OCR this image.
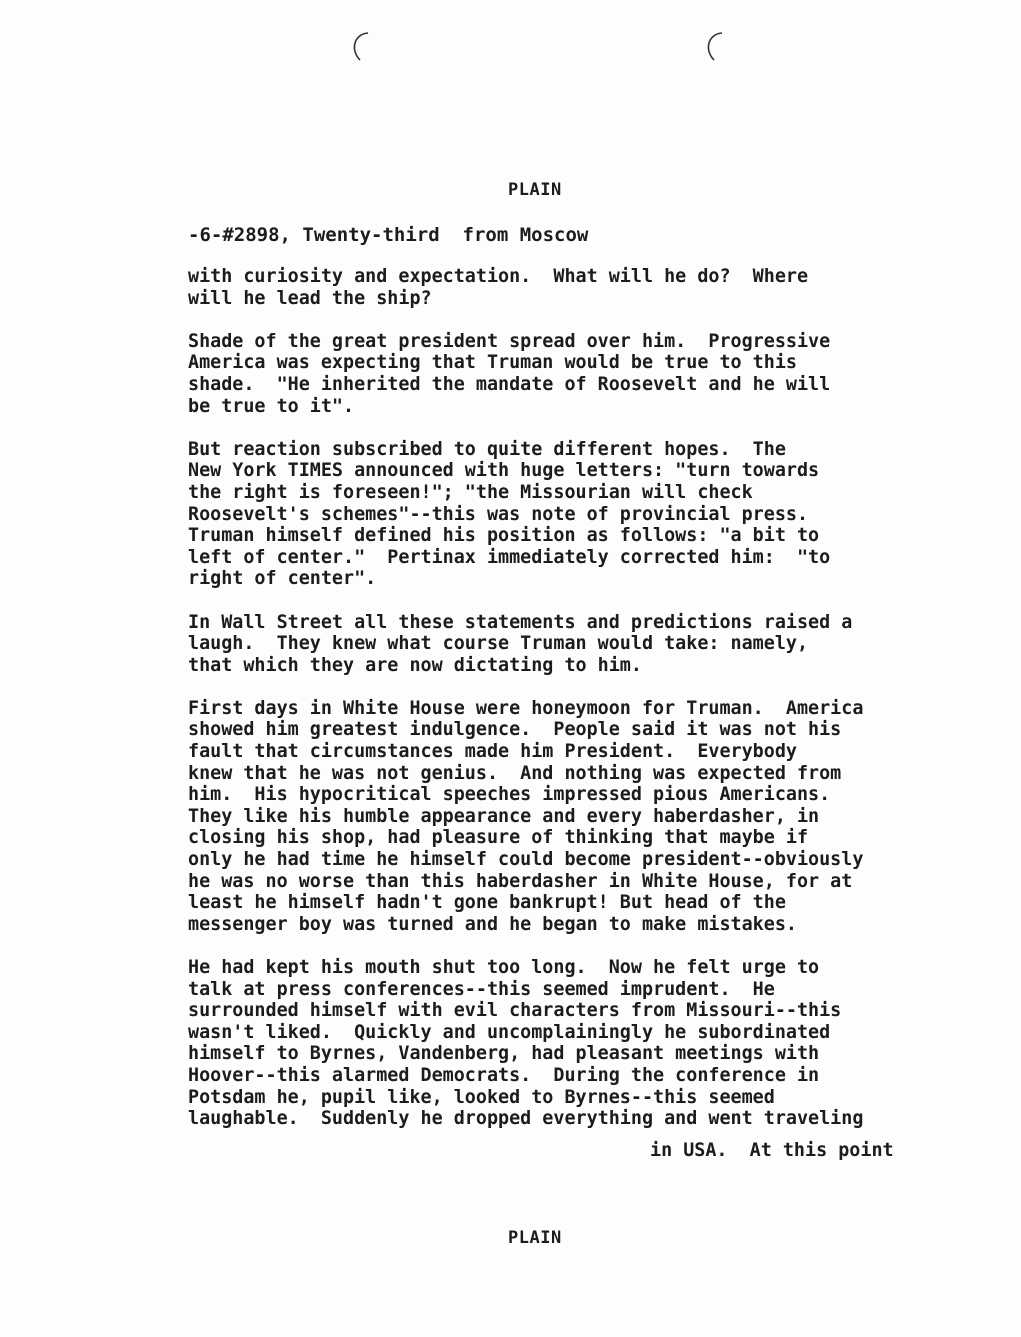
PLAIN
-6-#2898, Twenty-third  from Moscow

with curiosity and expectation.  What will he do?  Where
will he lead the ship?

Shade of the great president spread over him.  Progressive
America was expecting that Truman would be true to this
shade.  "He inherited the mandate of Roosevelt and he will
be true to it".

But reaction subscribed to quite different hopes.  The
New York TIMES announced with huge letters: "turn towards
the right is foreseen!"; "the Missourian will check
Roosevelt's schemes"--this was note of provincial press.
Truman himself defined his position as follows: "a bit to
left of center."  Pertinax immediately corrected him:  "to
right of center".

In Wall Street all these statements and predictions raised a
laugh.  They knew what course Truman would take: namely,
that which they are now dictating to him.

First days in White House were honeymoon for Truman.  America
showed him greatest indulgence.  People said it was not his
fault that circumstances made him President.  Everybody
knew that he was not genius.  And nothing was expected from
him.  His hypocritical speeches impressed pious Americans.
They like his humble appearance and every haberdasher, in
closing his shop, had pleasure of thinking that maybe if
only he had time he himself could become president--obviously
he was no worse than this haberdasher in White House, for at
least he himself hadn't gone bankrupt! But head of the
messenger boy was turned and he began to make mistakes.

He had kept his mouth shut too long.  Now he felt urge to
talk at press conferences--this seemed imprudent.  He
surrounded himself with evil characters from Missouri--this
wasn't liked.  Quickly and uncomplainingly he subordinated
himself to Byrnes, Vandenberg, had pleasant meetings with
Hoover--this alarmed Democrats.  During the conference in
Potsdam he, pupil like, looked to Byrnes--this seemed
laughable.  Suddenly he dropped everything and went traveling

in USA.  At this point
PLAIN
